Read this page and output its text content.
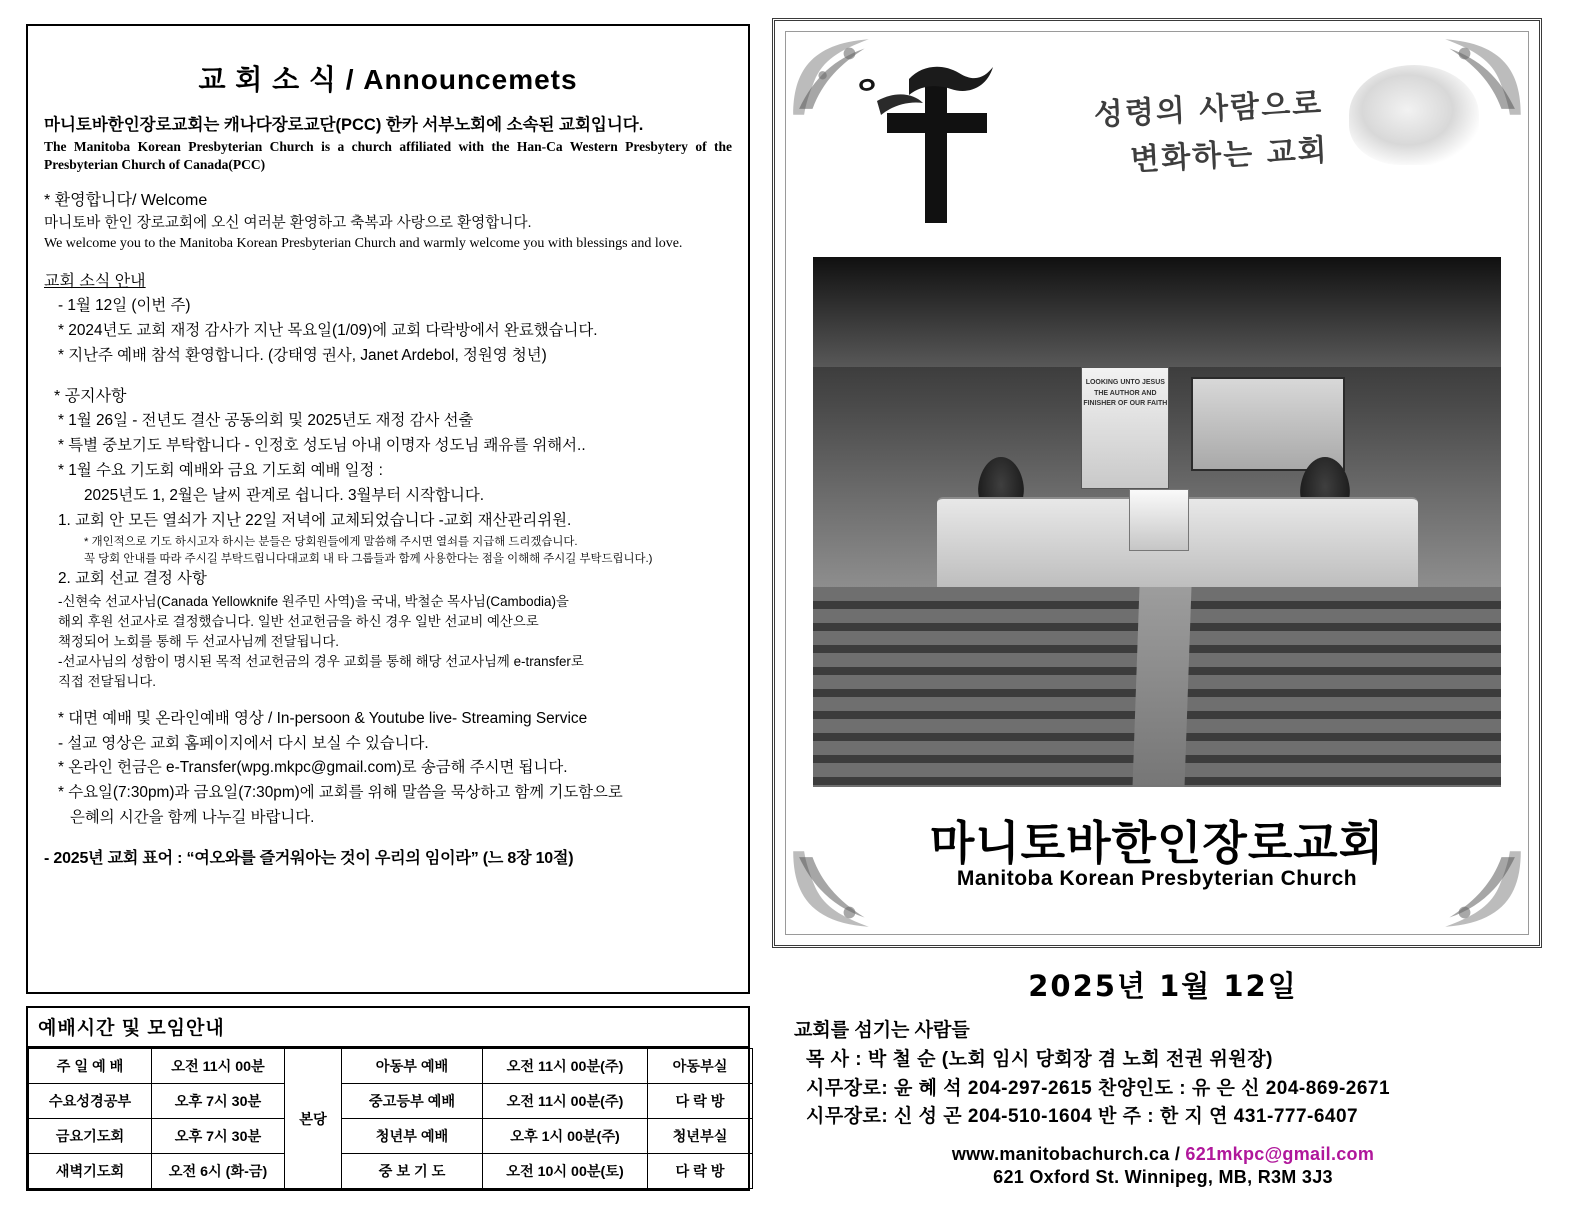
교 회 소 식 / Announcemets

마니토바한인장로교회는 캐나다장로교단(PCC) 한카 서부노회에 소속된 교회입니다.

The Manitoba Korean Presbyterian Church is a church affiliated with the Han-Ca Western Presbytery of the Presbyterian Church of Canada(PCC)

* 환영합니다/ Welcome

마니토바 한인 장로교회에 오신 여러분 환영하고 축복과 사랑으로 환영합니다.

We welcome you to the Manitoba Korean Presbyterian Church and warmly welcome you with blessings and love.

교회 소식 안내

- 1월 12일 (이번 주)

* 2024년도 교회 재정 감사가 지난 목요일(1/09)에 교회 다락방에서 완료했습니다.

* 지난주 예배 참석 환영합니다. (강태영 권사, Janet Ardebol, 정원영 청년)

* 공지사항

* 1월 26일 - 전년도 결산 공동의회 및 2025년도 재정 감사 선출

* 특별 중보기도 부탁합니다 - 인정호 성도님 아내 이명자 성도님 쾌유를 위해서..

* 1월 수요 기도회 예배와 금요 기도회 예배 일정 :

2025년도 1, 2월은 날씨 관계로 쉽니다. 3월부터 시작합니다.

1. 교회 안 모든 열쇠가 지난 22일 저녁에 교체되었습니다 -교회 재산관리위원.

* 개인적으로 기도 하시고자 하시는 분들은 당회원들에게 말씀해 주시면 열쇠를 지급해 드리겠습니다.

꼭 당회 안내를 따라 주시길 부탁드립니다대교회 내 타 그룹들과 함께 사용한다는 점을 이해해 주시길 부탁드립니다.)

2. 교회 선교 결정 사항

-신현숙 선교사님(Canada Yellowknife 원주민 사역)을 국내, 박철순 목사님(Cambodia)을

해외 후원 선교사로 결정했습니다. 일반 선교헌금을 하신 경우 일반 선교비 예산으로

책정되어 노회를 통해 두 선교사님께 전달됩니다.

-선교사님의 성함이 명시된 목적 선교헌금의 경우 교회를 통해 해당 선교사님께 e-transfer로

직접 전달됩니다.

* 대면 예배 및 온라인예배 영상 / In-persoon & Youtube live- Streaming Service

- 설교 영상은 교회 홈페이지에서 다시 보실 수 있습니다.

* 온라인 헌금은 e-Transfer(wpg.mkpc@gmail.com)로 송금해 주시면 됩니다.

* 수요일(7:30pm)과 금요일(7:30pm)에 교회를 위해 말씀을 묵상하고 함께 기도함으로

은혜의 시간을 함께 나누길 바랍니다.

- 2025년 교회 표어 : “여오와를 즐거워아는 것이 우리의 임이라” (느 8장 10절)

예배시간 및 모임안내
주 일 예 배	오전 11시 00분	본당	아동부 예배	오전 11시 00분(주)	아동부실
수요성경공부	오후 7시 30분		중고등부 예배	오전 11시 00분(주)	다 락 방
금요기도회	오후 7시 30분		청년부 예배	오후 1시 00분(주)	청년부실
새벽기도회	오전 6시 (화-금)		중 보 기 도	오전 10시 00분(토)	다 락 방
ᄋ	성령의 사람으로
변화하는 교회
LOOKING UNTO JESUS THE AUTHOR AND FINISHER OF OUR FAITH
마니토바한인장로교회
Manitoba Korean Presbyterian Church
2025년 1월 12일
교회를 섬기는 사람들
목 사 : 박 철 순 (노회 임시 당회장 겸 노회 전권 위원장)
시무장로: 윤 혜 석 204-297-2615 찬양인도 : 유 은 신 204-869-2671
시무장로: 신 성 곤 204-510-1604 반 주 : 한 지 연 431-777-6407
www.manitobachurch.ca / 621mkpc@gmail.com
621 Oxford St. Winnipeg, MB, R3M 3J3
